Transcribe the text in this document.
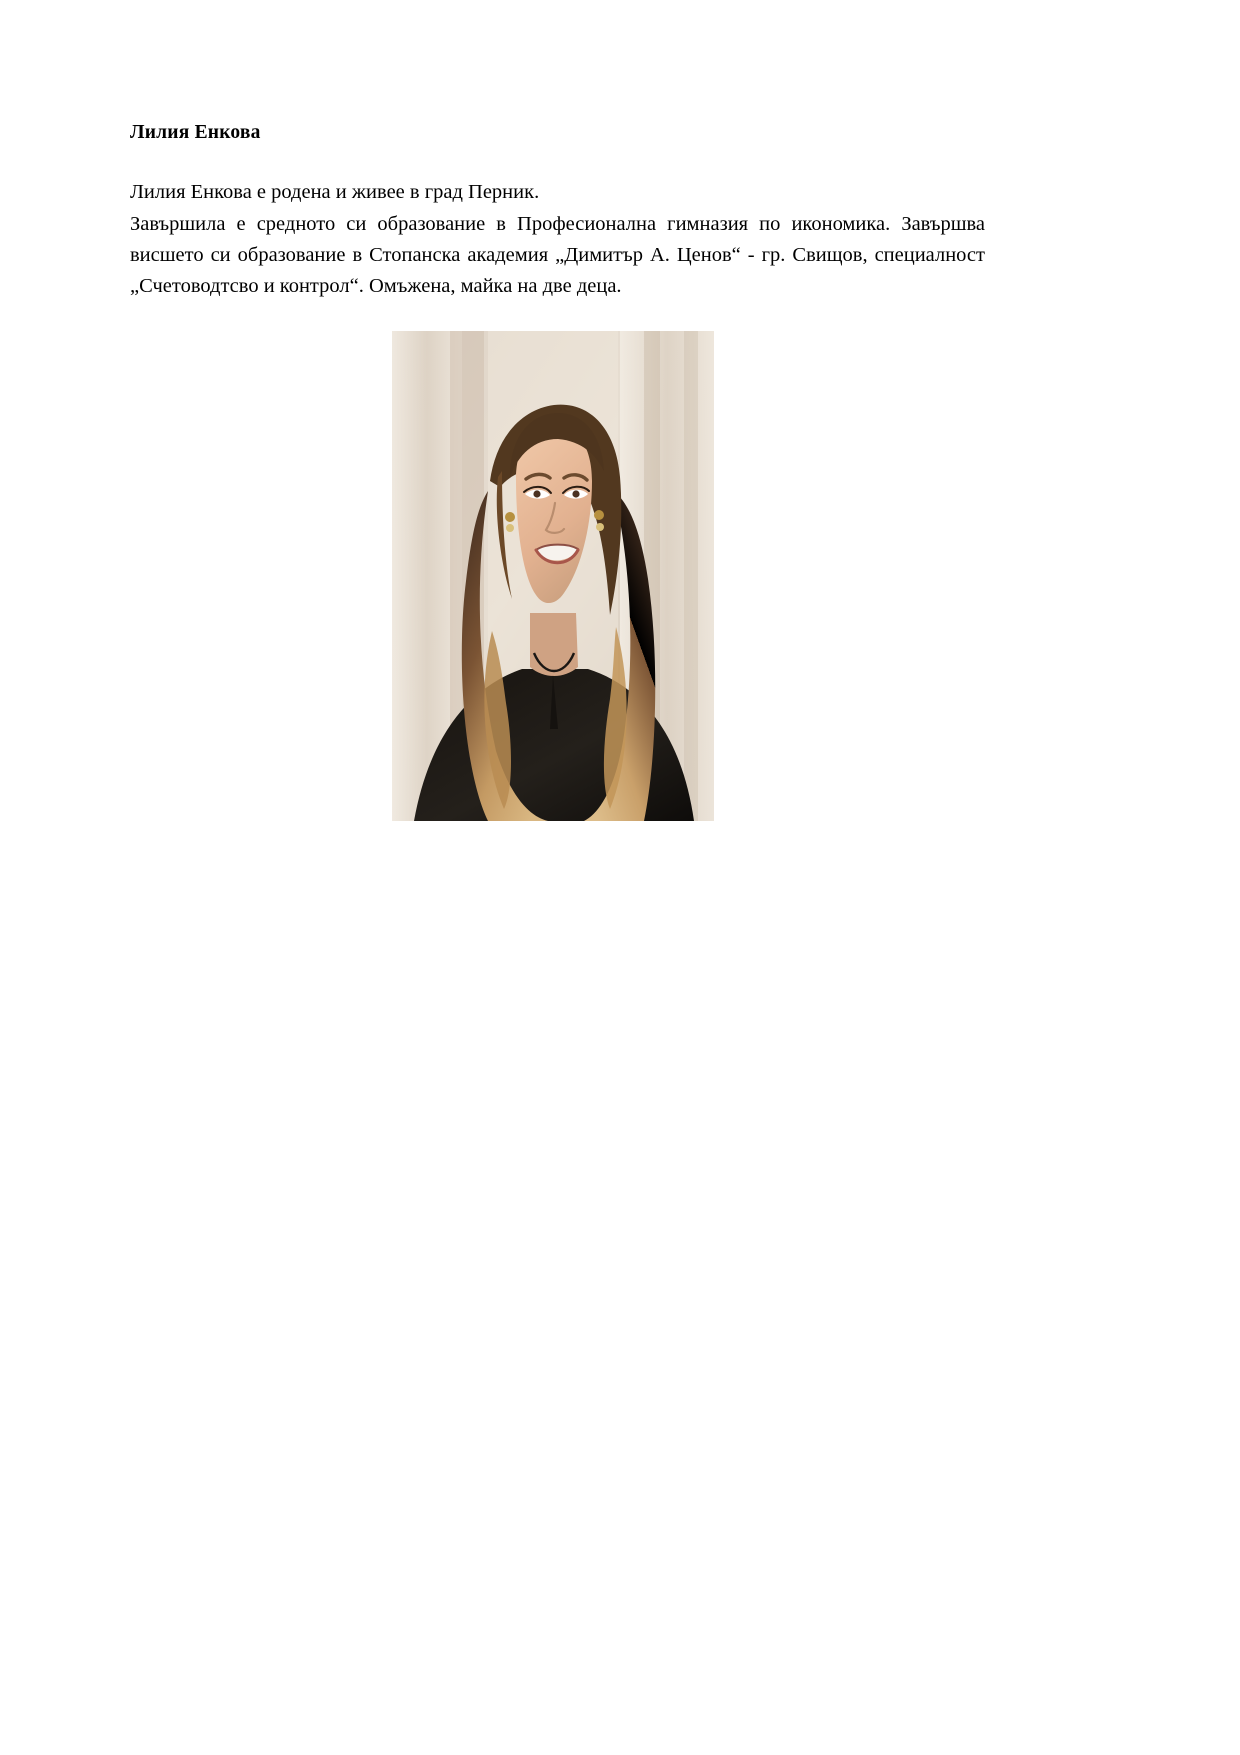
Лилия Енкова

Лилия Енкова е родена и живее в град Перник.
Завършила е средното си образование в Професионална гимназия по икономика. Завършва висшето си образование в Стопанска академия „Димитър А. Ценов“ - гр. Свищов, специалност „Счетоводтсво и контрол“. Омъжена, майка на две деца.
